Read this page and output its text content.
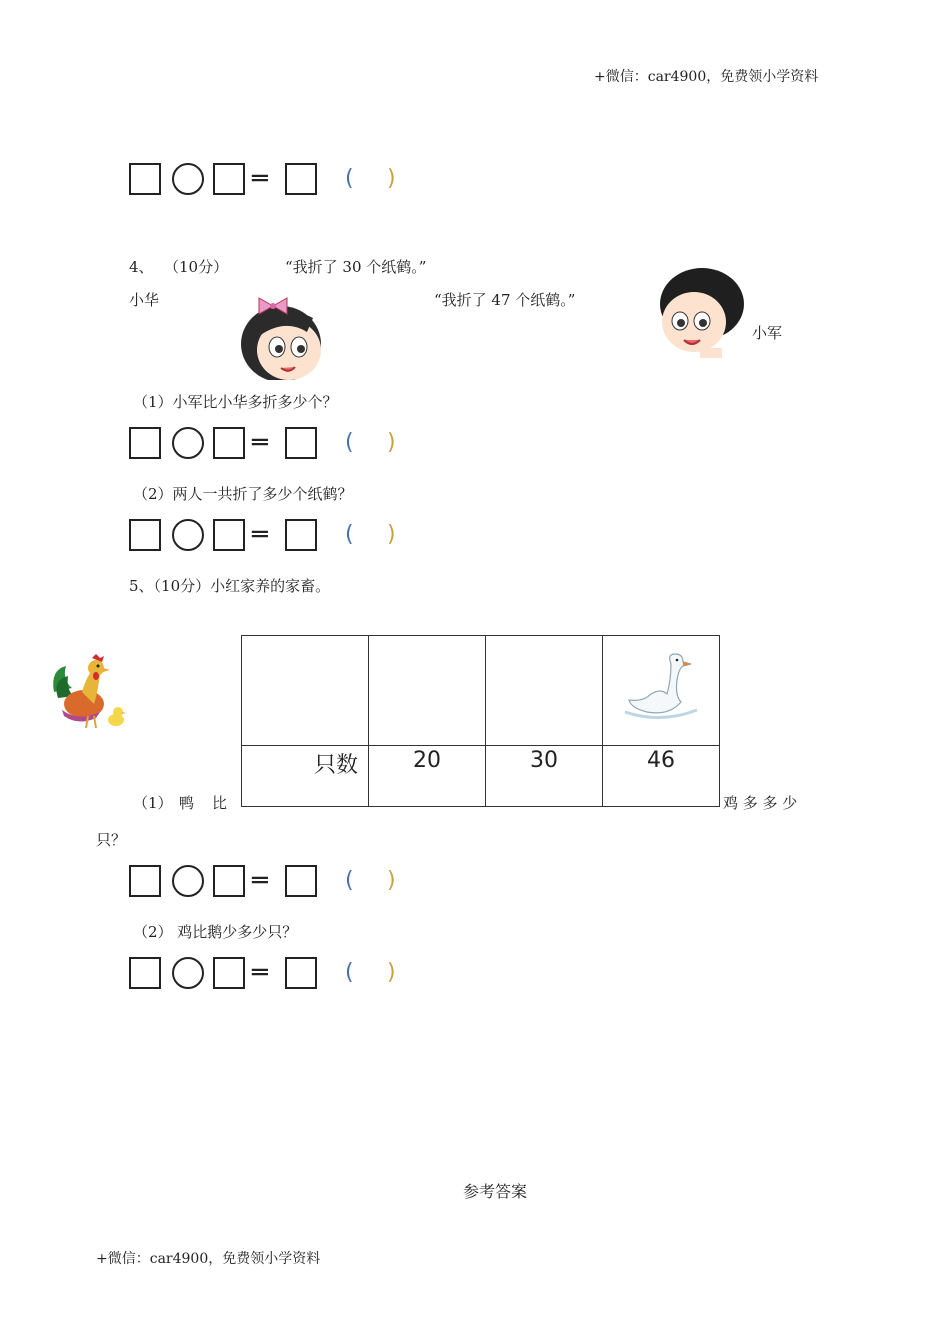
+微信：car4900，免费领小学资料
═	( )
4、 （10分）	“我折了 30 个纸鹤。”
小华	“我折了 47 个纸鹤。”
小军
（1）小军比小华多折多少个？
═	( )
（2）两人一共折了多少个纸鹤？
═	( )
5、（10分）小红家养的家畜。

只数	20	30	46
（1） 鸭 比	鸡 多 多 少
只？
═	( )
（2） 鸡比鹅少多少只？
═	( )
参考答案
+微信：car4900，免费领小学资料
